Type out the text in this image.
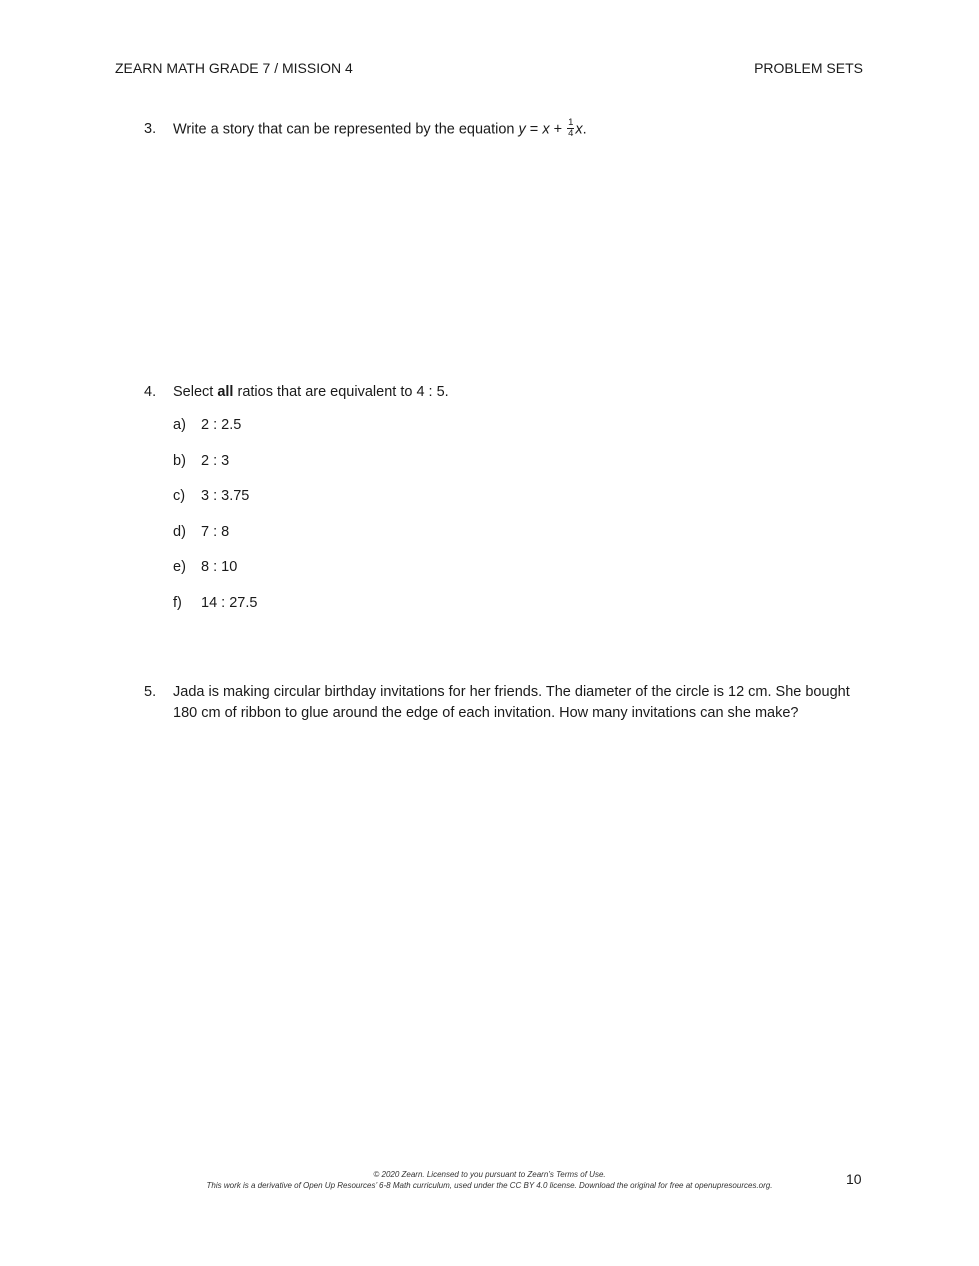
ZEARN MATH GRADE 7 / MISSION 4	PROBLEM SETS
3. Write a story that can be represented by the equation $y = x + \frac{1}{4} x$.
4. Select all ratios that are equivalent to 4 : 5.
a) 2 : 2.5
b) 2 : 3
c) 3 : 3.75
d) 7 : 8
e) 8 : 10
f) 14 : 27.5
5. Jada is making circular birthday invitations for her friends. The diameter of the circle is 12 cm. She bought 180 cm of ribbon to glue around the edge of each invitation. How many invitations can she make?
© 2020 Zearn. Licensed to you pursuant to Zearn’s Terms of Use.
This work is a derivative of Open Up Resources’ 6-8 Math curriculum, used under the CC BY 4.0 license. Download the original for free at openupresources.org.	10
